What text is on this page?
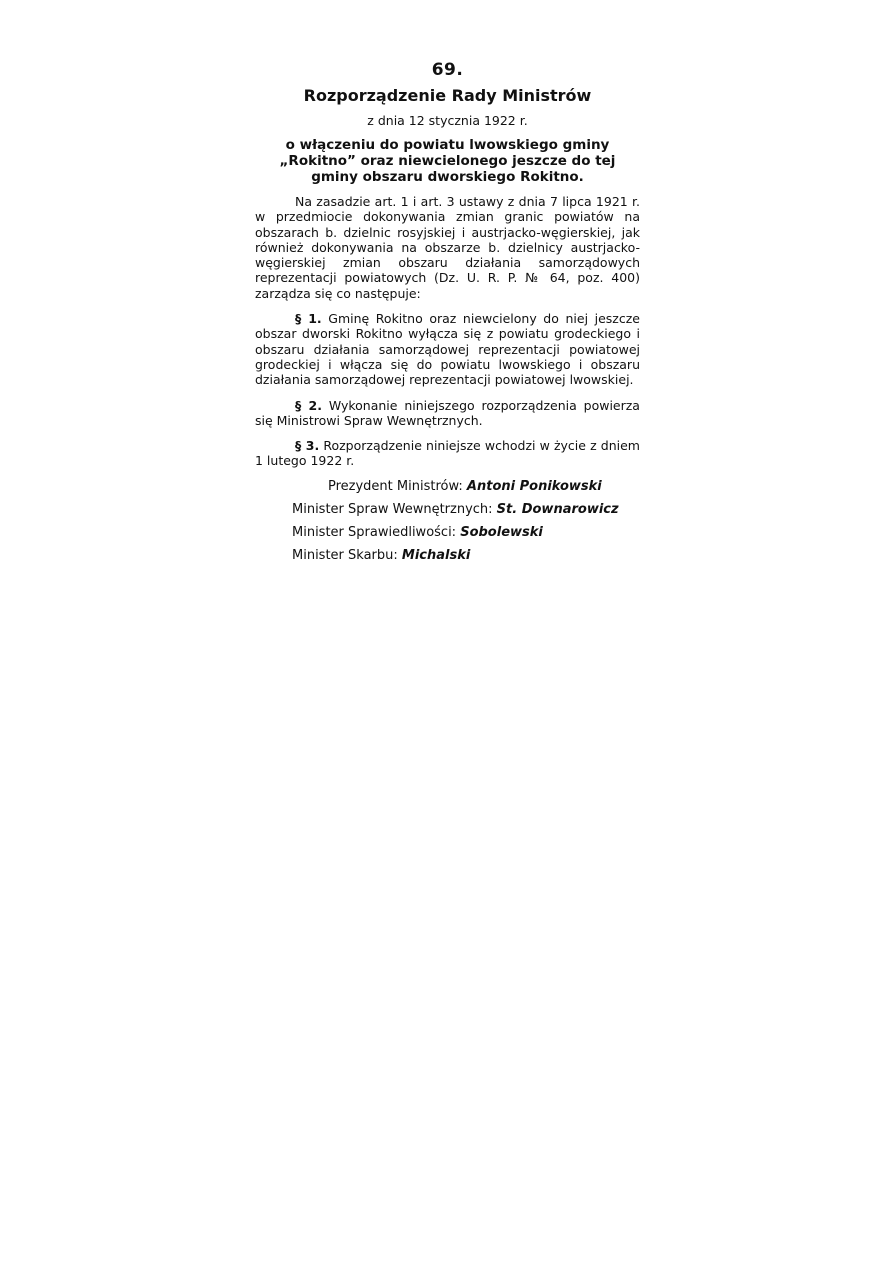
69.
Rozporządzenie Rady Ministrów
z dnia 12 stycznia 1922 r.
o włączeniu do powiatu lwowskiego gminy „Rokitno” oraz niewcielonego jeszcze do tej gminy obszaru dworskiego Rokitno.

Na zasadzie art. 1 i art. 3 ustawy z dnia 7 lipca 1921 r. w przedmiocie dokonywania zmian granic powiatów na obszarach b. dzielnic rosyjskiej i austrjacko-węgierskiej, jak również dokonywania na obszarze b. dzielnicy austrjacko-węgierskiej zmian obszaru działania samorządowych reprezentacji powiatowych (Dz. U. R. P. № 64, poz. 400) zarządza się co następuje:

§ 1. Gminę Rokitno oraz niewcielony do niej jeszcze obszar dworski Rokitno wyłącza się z powiatu grodeckiego i obszaru działania samorządowej reprezentacji powiatowej grodeckiej i włącza się do powiatu lwowskiego i obszaru działania samorządowej reprezentacji powiatowej lwowskiej.

§ 2. Wykonanie niniejszego rozporządzenia powierza się Ministrowi Spraw Wewnętrznych.

§ 3. Rozporządzenie niniejsze wchodzi w życie z dniem 1 lutego 1922 r.

Prezydent Ministrów: Antoni Ponikowski
Minister Spraw Wewnętrznych: St. Downarowicz
Minister Sprawiedliwości: Sobolewski
Minister Skarbu: Michalski
